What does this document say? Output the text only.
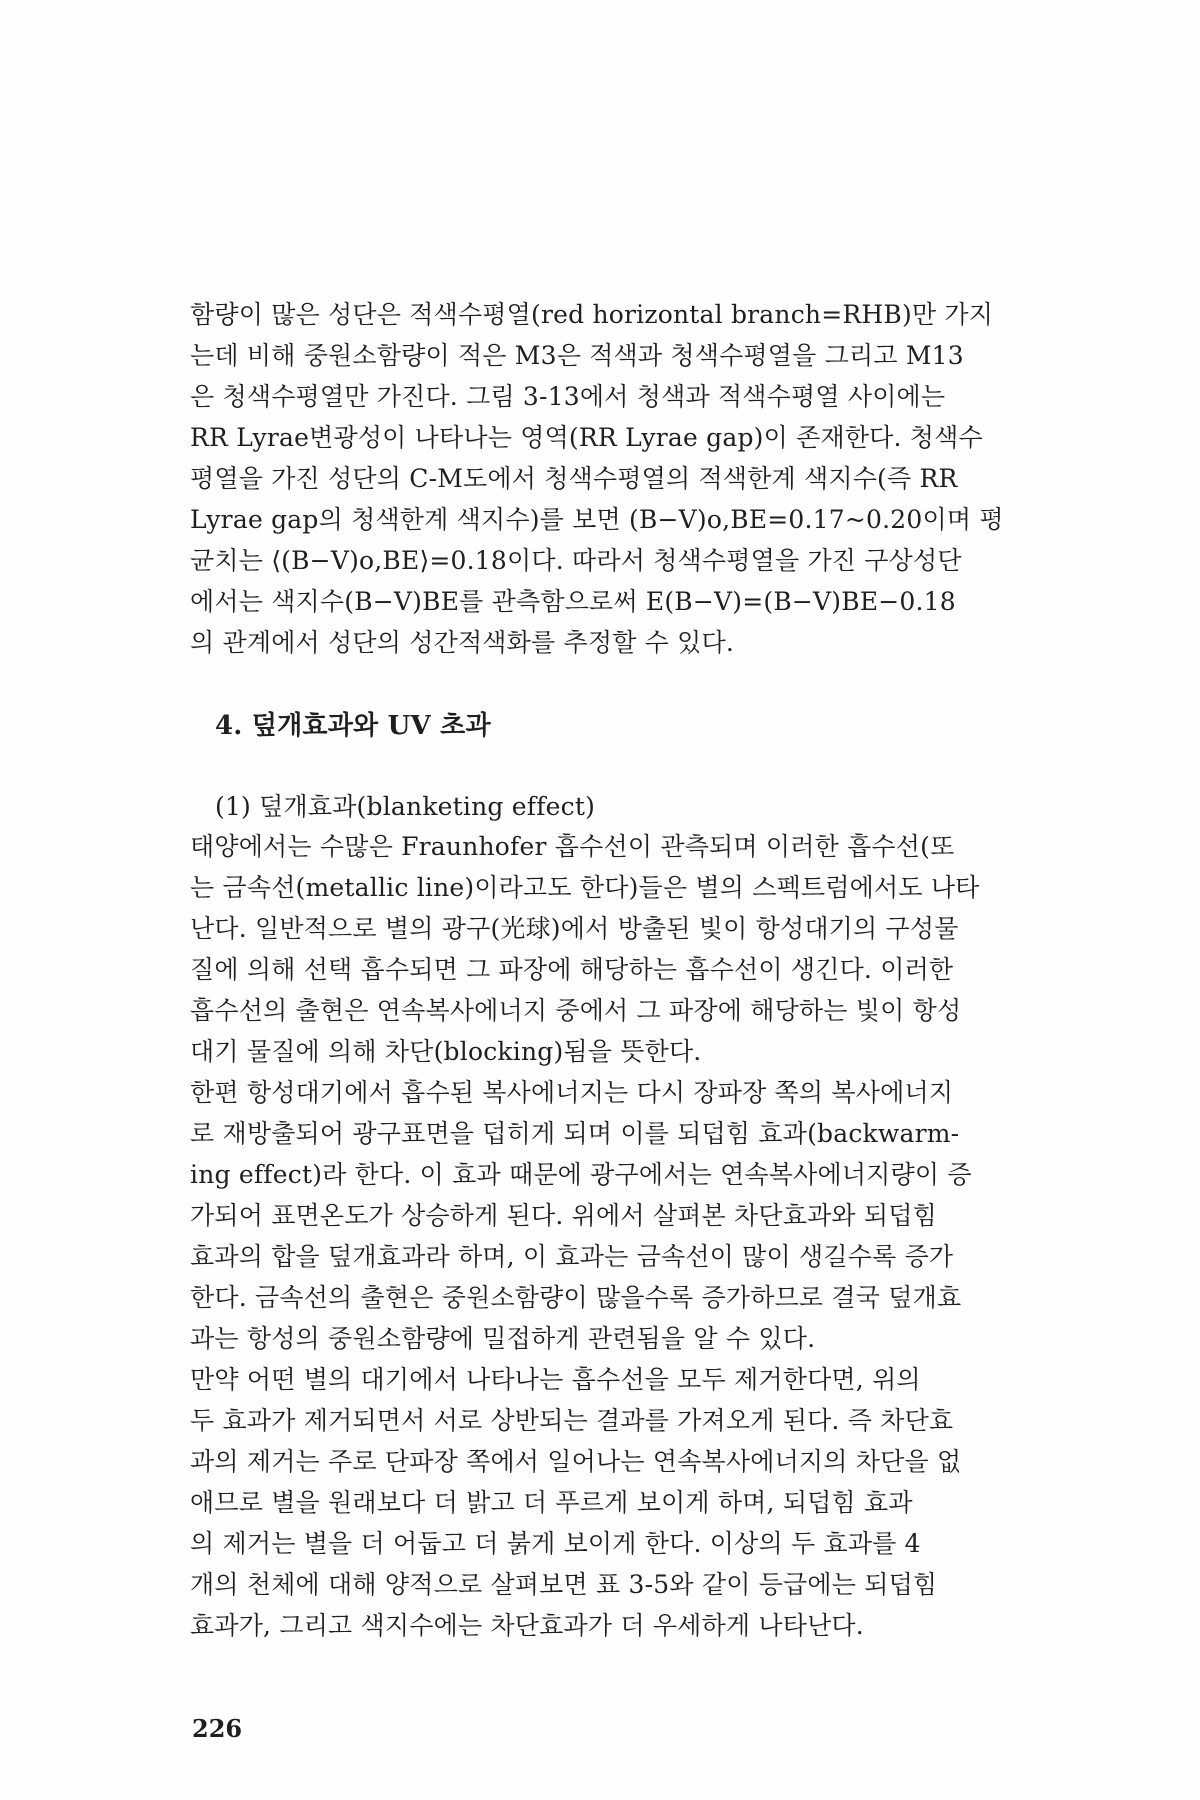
함량이 많은 성단은 적색수평열(red horizontal branch=RHB)만 가지
는데 비해 중원소함량이 적은 M3은 적색과 청색수평열을 그리고 M13
은 청색수평열만 가진다. 그림 3-13에서 청색과 적색수평열 사이에는
RR Lyrae변광성이 나타나는 영역(RR Lyrae gap)이 존재한다. 청색수
평열을 가진 성단의 C-M도에서 청색수평열의 적색한계 색지수(즉 RR
Lyrae gap의 청색한계 색지수)를 보면 (B−V)o,BE=0.17~0.20이며 평
균치는 ⟨(B−V)o,BE⟩=0.18이다. 따라서 청색수평열을 가진 구상성단
에서는 색지수(B−V)BE를 관측함으로써 E(B−V)=(B−V)BE−0.18
의 관계에서 성단의 성간적색화를 추정할 수 있다.
4. 덮개효과와 UV 초과
(1) 덮개효과(blanketing effect)
태양에서는 수많은 Fraunhofer 흡수선이 관측되며 이러한 흡수선(또
는 금속선(metallic line)이라고도 한다)들은 별의 스펙트럼에서도 나타
난다. 일반적으로 별의 광구(光球)에서 방출된 빛이 항성대기의 구성물
질에 의해 선택 흡수되면 그 파장에 해당하는 흡수선이 생긴다. 이러한
흡수선의 출현은 연속복사에너지 중에서 그 파장에 해당하는 빛이 항성
대기 물질에 의해 차단(blocking)됨을 뜻한다.
한편 항성대기에서 흡수된 복사에너지는 다시 장파장 쪽의 복사에너지
로 재방출되어 광구표면을 덥히게 되며 이를 되덥힘 효과(backwarm-
ing effect)라 한다. 이 효과 때문에 광구에서는 연속복사에너지량이 증
가되어 표면온도가 상승하게 된다. 위에서 살펴본 차단효과와 되덥힘
효과의 합을 덮개효과라 하며, 이 효과는 금속선이 많이 생길수록 증가
한다. 금속선의 출현은 중원소함량이 많을수록 증가하므로 결국 덮개효
과는 항성의 중원소함량에 밀접하게 관련됨을 알 수 있다.
만약 어떤 별의 대기에서 나타나는 흡수선을 모두 제거한다면, 위의
두 효과가 제거되면서 서로 상반되는 결과를 가져오게 된다. 즉 차단효
과의 제거는 주로 단파장 쪽에서 일어나는 연속복사에너지의 차단을 없
애므로 별을 원래보다 더 밝고 더 푸르게 보이게 하며, 되덥힘 효과
의 제거는 별을 더 어둡고 더 붉게 보이게 한다. 이상의 두 효과를 4
개의 천체에 대해 양적으로 살펴보면 표 3-5와 같이 등급에는 되덥힘
효과가, 그리고 색지수에는 차단효과가 더 우세하게 나타난다.
226
